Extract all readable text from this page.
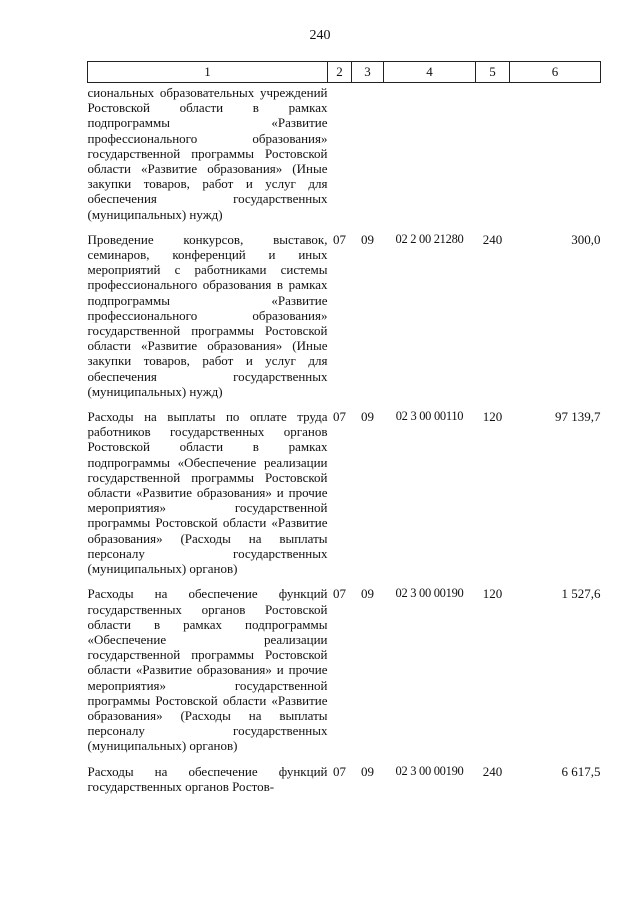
240
1	2	3	4	5	6
сиональных образовательных учреждений Ростовской области в рамках подпрограммы «Развитие профессионального образования» государственной программы Ростовской области «Развитие образования» (Иные закупки товаров, работ и услуг для обеспечения государственных (муниципальных) нужд)					
Проведение конкурсов, выставок, семинаров, конференций и иных мероприятий с работниками системы профессионального образования в рамках подпрограммы «Развитие профессионального образования» государственной программы Ростовской области «Развитие образования» (Иные закупки товаров, работ и услуг для обеспечения государственных (муниципальных) нужд)	07	09	02 2 00 21280	240	300,0
Расходы на выплаты по оплате труда работников государственных органов Ростовской области в рамках подпрограммы «Обеспечение реализации государственной программы Ростовской области «Развитие образования» и прочие мероприятия» государственной программы Ростовской области «Развитие образования» (Расходы на выплаты персоналу государственных (муниципальных) органов)	07	09	02 3 00 00110	120	97 139,7
Расходы на обеспечение функций государственных органов Ростовской области в рамках подпрограммы «Обеспечение реализации государственной программы Ростовской области «Развитие образования» и прочие мероприятия» государственной программы Ростовской области «Развитие образования» (Расходы на выплаты персоналу государственных (муниципальных) органов)	07	09	02 3 00 00190	120	1 527,6
Расходы на обеспечение функций государственных органов Ростов-	07	09	02 3 00 00190	240	6 617,5
